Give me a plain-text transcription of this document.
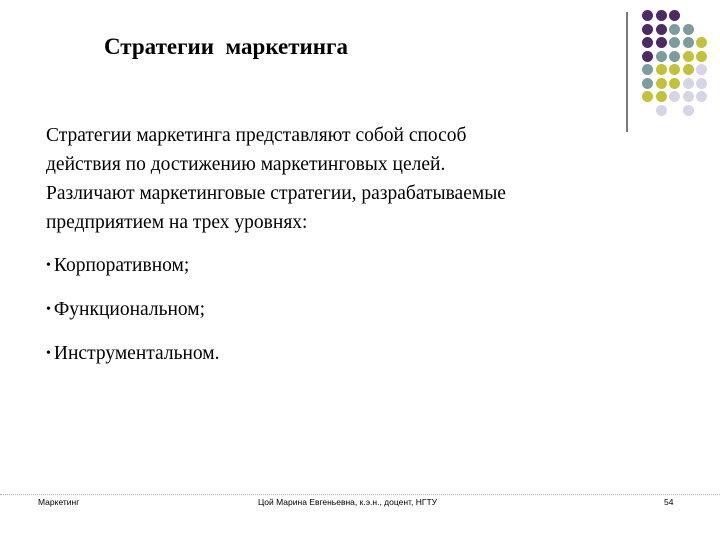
Стратегии  маркетинга
Стратегии маркетинга представляют собой способ
действия по достижению маркетинговых целей.
Различают маркетинговые стратегии, разрабатываемые
предприятием на трех уровнях:
• Корпоративном;
• Функциональном;
• Инструментальном.
Маркетинг	Цой Марина Евгеньевна, к.э.н., доцент, НГТУ	54
